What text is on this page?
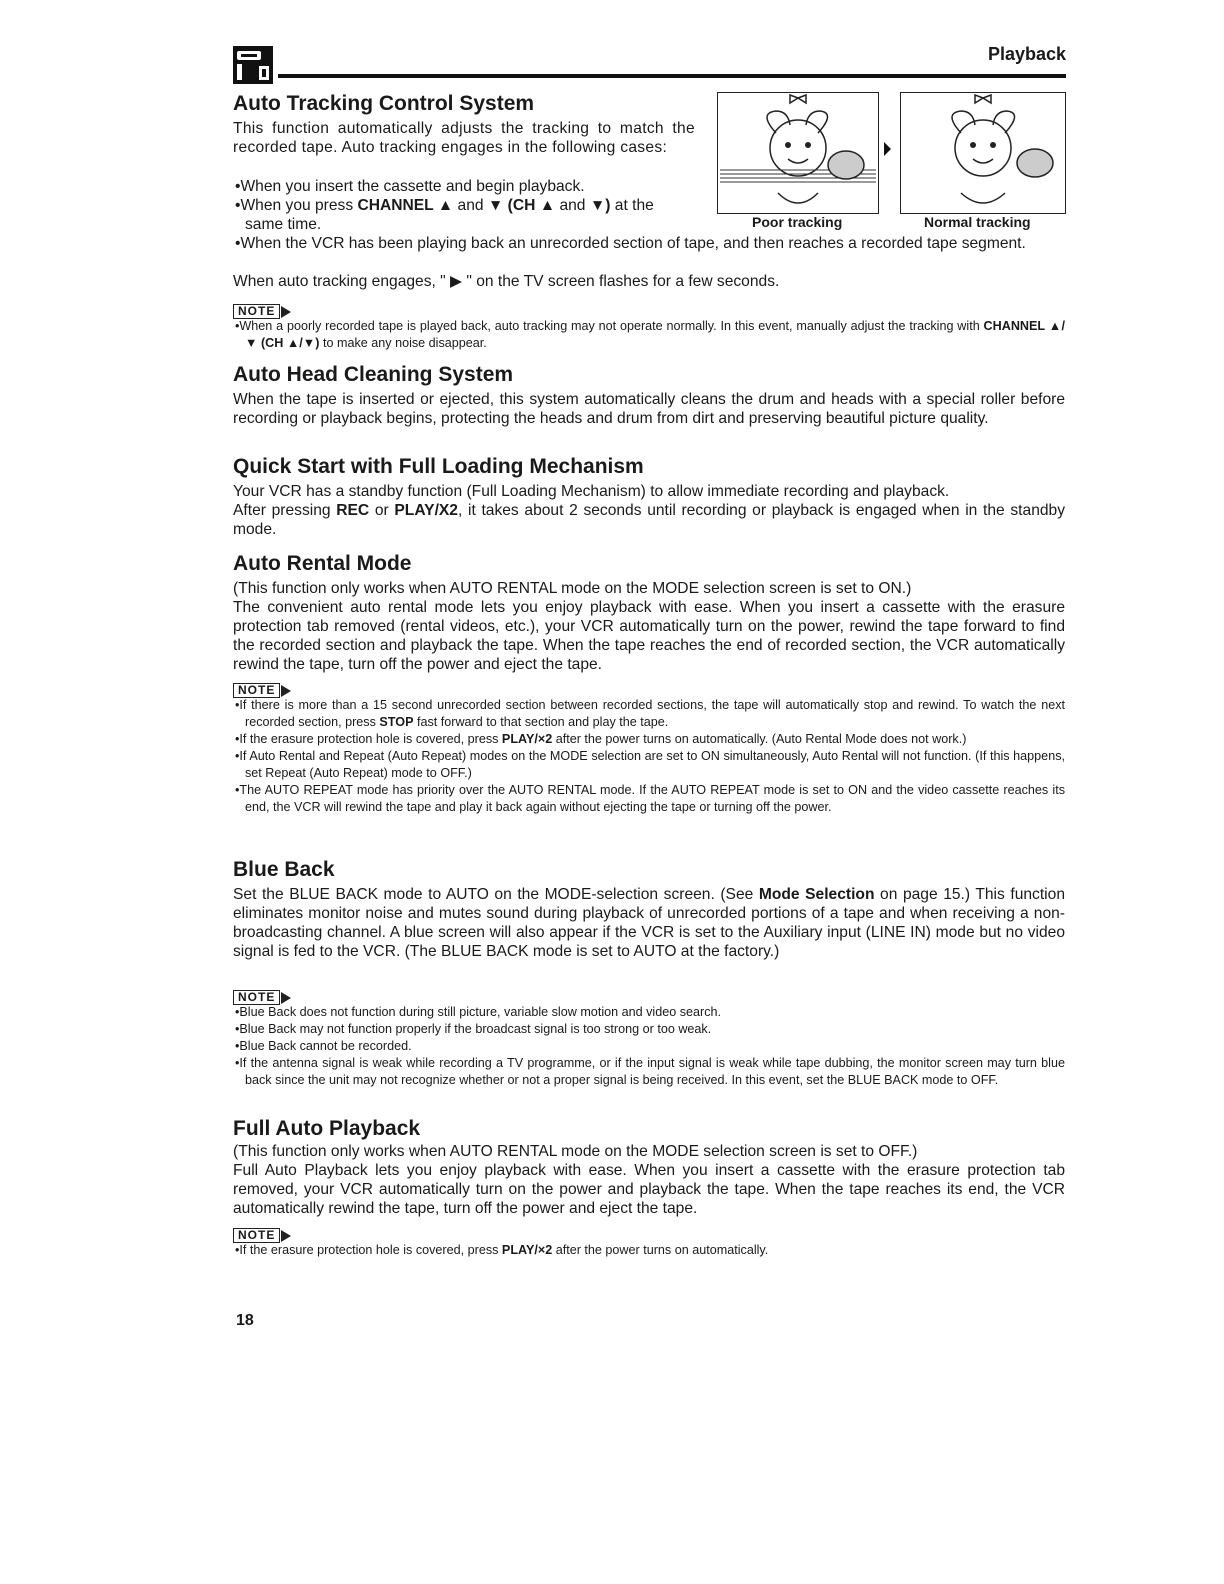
Playback
Auto Tracking Control System

This function automatically adjusts the tracking to match the recorded tape. Auto tracking engages in the following cases:

•When you insert the cassette and begin playback.

•When you press CHANNEL ▲ and ▼ (CH ▲ and ▼) at the

same time.

•When the VCR has been playing back an unrecorded section of tape, and then reaches a recorded tape segment.

When auto tracking engages, " ▶ " on the TV screen flashes for a few seconds.

Poor tracking	Normal tracking
NOTE

•When a poorly recorded tape is played back, auto tracking may not operate normally. In this event, manually adjust the tracking with CHANNEL ▲/▼ (CH ▲/▼) to make any noise disappear.

Auto Head Cleaning System

When the tape is inserted or ejected, this system automatically cleans the drum and heads with a special roller before recording or playback begins, protecting the heads and drum from dirt and preserving beautiful picture quality.

Quick Start with Full Loading Mechanism

Your VCR has a standby function (Full Loading Mechanism) to allow immediate recording and playback.

After pressing REC or PLAY/X2, it takes about 2 seconds until recording or playback is engaged when in the standby mode.

Auto Rental Mode

(This function only works when AUTO RENTAL mode on the MODE selection screen is set to ON.)

The convenient auto rental mode lets you enjoy playback with ease. When you insert a cassette with the erasure protection tab removed (rental videos, etc.), your VCR automatically turn on the power, rewind the tape forward to find the recorded section and playback the tape. When the tape reaches the end of recorded section, the VCR automatically rewind the tape, turn off the power and eject the tape.

NOTE

•If there is more than a 15 second unrecorded section between recorded sections, the tape will automatically stop and rewind. To watch the next recorded section, press STOP fast forward to that section and play the tape.

•If the erasure protection hole is covered, press PLAY/×2 after the power turns on automatically. (Auto Rental Mode does not work.)

•If Auto Rental and Repeat (Auto Repeat) modes on the MODE selection are set to ON simultaneously, Auto Rental will not function. (If this happens, set Repeat (Auto Repeat) mode to OFF.)

•The AUTO REPEAT mode has priority over the AUTO RENTAL mode. If the AUTO REPEAT mode is set to ON and the video cassette reaches its end, the VCR will rewind the tape and play it back again without ejecting the tape or turning off the power.

Blue Back

Set the BLUE BACK mode to AUTO on the MODE-selection screen. (See Mode Selection on page 15.) This function eliminates monitor noise and mutes sound during playback of unrecorded portions of a tape and when receiving a non-broadcasting channel. A blue screen will also appear if the VCR is set to the Auxiliary input (LINE IN) mode but no video signal is fed to the VCR. (The BLUE BACK mode is set to AUTO at the factory.)

NOTE

•Blue Back does not function during still picture, variable slow motion and video search.

•Blue Back may not function properly if the broadcast signal is too strong or too weak.

•Blue Back cannot be recorded.

•If the antenna signal is weak while recording a TV programme, or if the input signal is weak while tape dubbing, the monitor screen may turn blue back since the unit may not recognize whether or not a proper signal is being received. In this event, set the BLUE BACK mode to OFF.

Full Auto Playback

(This function only works when AUTO RENTAL mode on the MODE selection screen is set to OFF.)

Full Auto Playback lets you enjoy playback with ease. When you insert a cassette with the erasure protection tab removed, your VCR automatically turn on the power and playback the tape. When the tape reaches its end, the VCR automatically rewind the tape, turn off the power and eject the tape.

NOTE

•If the erasure protection hole is covered, press PLAY/×2 after the power turns on automatically.

18
